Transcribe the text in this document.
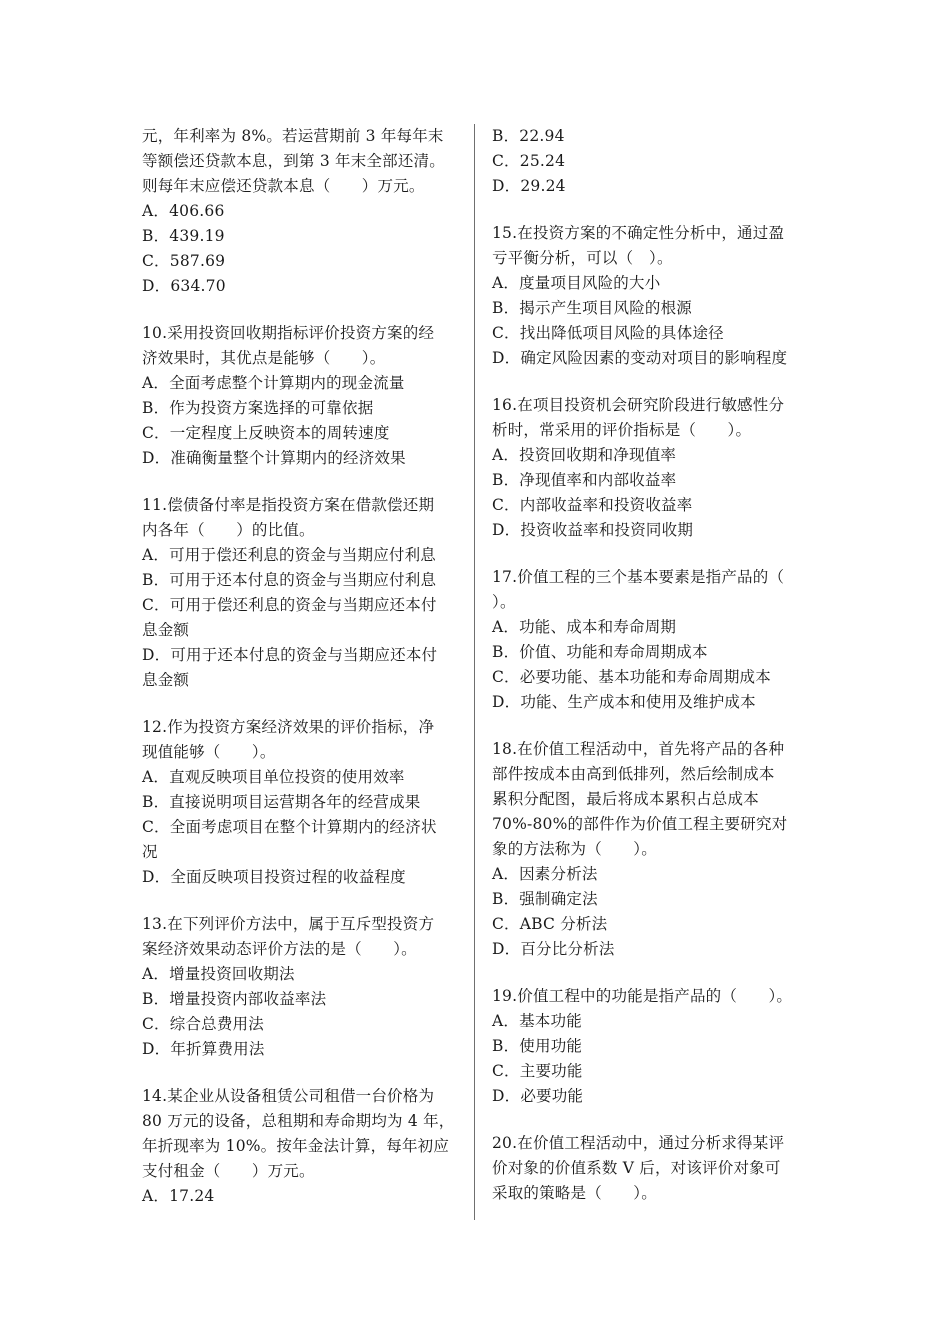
元，年利率为 8%。若运营期前 3 年每年末
等额偿还贷款本息，到第 3 年末全部还清。
则每年末应偿还贷款本息（　　）万元。
A．406.66
B．439.19
C．587.69
D．634.70
10.采用投资回收期指标评价投资方案的经
济效果时，其优点是能够（　　）。
A．全面考虑整个计算期内的现金流量
B．作为投资方案选择的可靠依据
C．一定程度上反映资本的周转速度
D．准确衡量整个计算期内的经济效果
11.偿债备付率是指投资方案在借款偿还期
内各年（　　）的比值。
A．可用于偿还利息的资金与当期应付利息
B．可用于还本付息的资金与当期应付利息
C．可用于偿还利息的资金与当期应还本付
息金额
D．可用于还本付息的资金与当期应还本付
息金额
12.作为投资方案经济效果的评价指标，净
现值能够（　　）。
A．直观反映项目单位投资的使用效率
B．直接说明项目运营期各年的经营成果
C．全面考虑项目在整个计算期内的经济状
况
D．全面反映项目投资过程的收益程度
13.在下列评价方法中，属于互斥型投资方
案经济效果动态评价方法的是（　　）。
A．增量投资回收期法
B．增量投资内部收益率法
C．综合总费用法
D．年折算费用法
14.某企业从设备租赁公司租借一台价格为
80 万元的设备，总租期和寿命期均为 4 年，
年折现率为 10%。按年金法计算，每年初应
支付租金（　　）万元。
A．17.24
B．22.94
C．25.24
D．29.24
15.在投资方案的不确定性分析中，通过盈
亏平衡分析，可以（　）。
A．度量项目风险的大小
B．揭示产生项目风险的根源
C．找出降低项目风险的具体途径
D．确定风险因素的变动对项目的影响程度
16.在项目投资机会研究阶段进行敏感性分
析时，常采用的评价指标是（　　）。
A．投资回收期和净现值率
B．净现值率和内部收益率
C．内部收益率和投资收益率
D．投资收益率和投资同收期
17.价值工程的三个基本要素是指产品的（
）。
A．功能、成本和寿命周期
B．价值、功能和寿命周期成本
C．必要功能、基本功能和寿命周期成本
D．功能、生产成本和使用及维护成本
18.在价值工程活动中，首先将产品的各种
部件按成本由高到低排列，然后绘制成本
累积分配图，最后将成本累积占总成本
70%-80%的部件作为价值工程主要研究对
象的方法称为（　　）。
A．因素分析法
B．强制确定法
C．ABC 分析法
D．百分比分析法
19.价值工程中的功能是指产品的（　　）。
A．基本功能
B．使用功能
C．主要功能
D．必要功能
20.在价值工程活动中，通过分析求得某评
价对象的价值系数 V 后，对该评价对象可
采取的策略是（　　）。
